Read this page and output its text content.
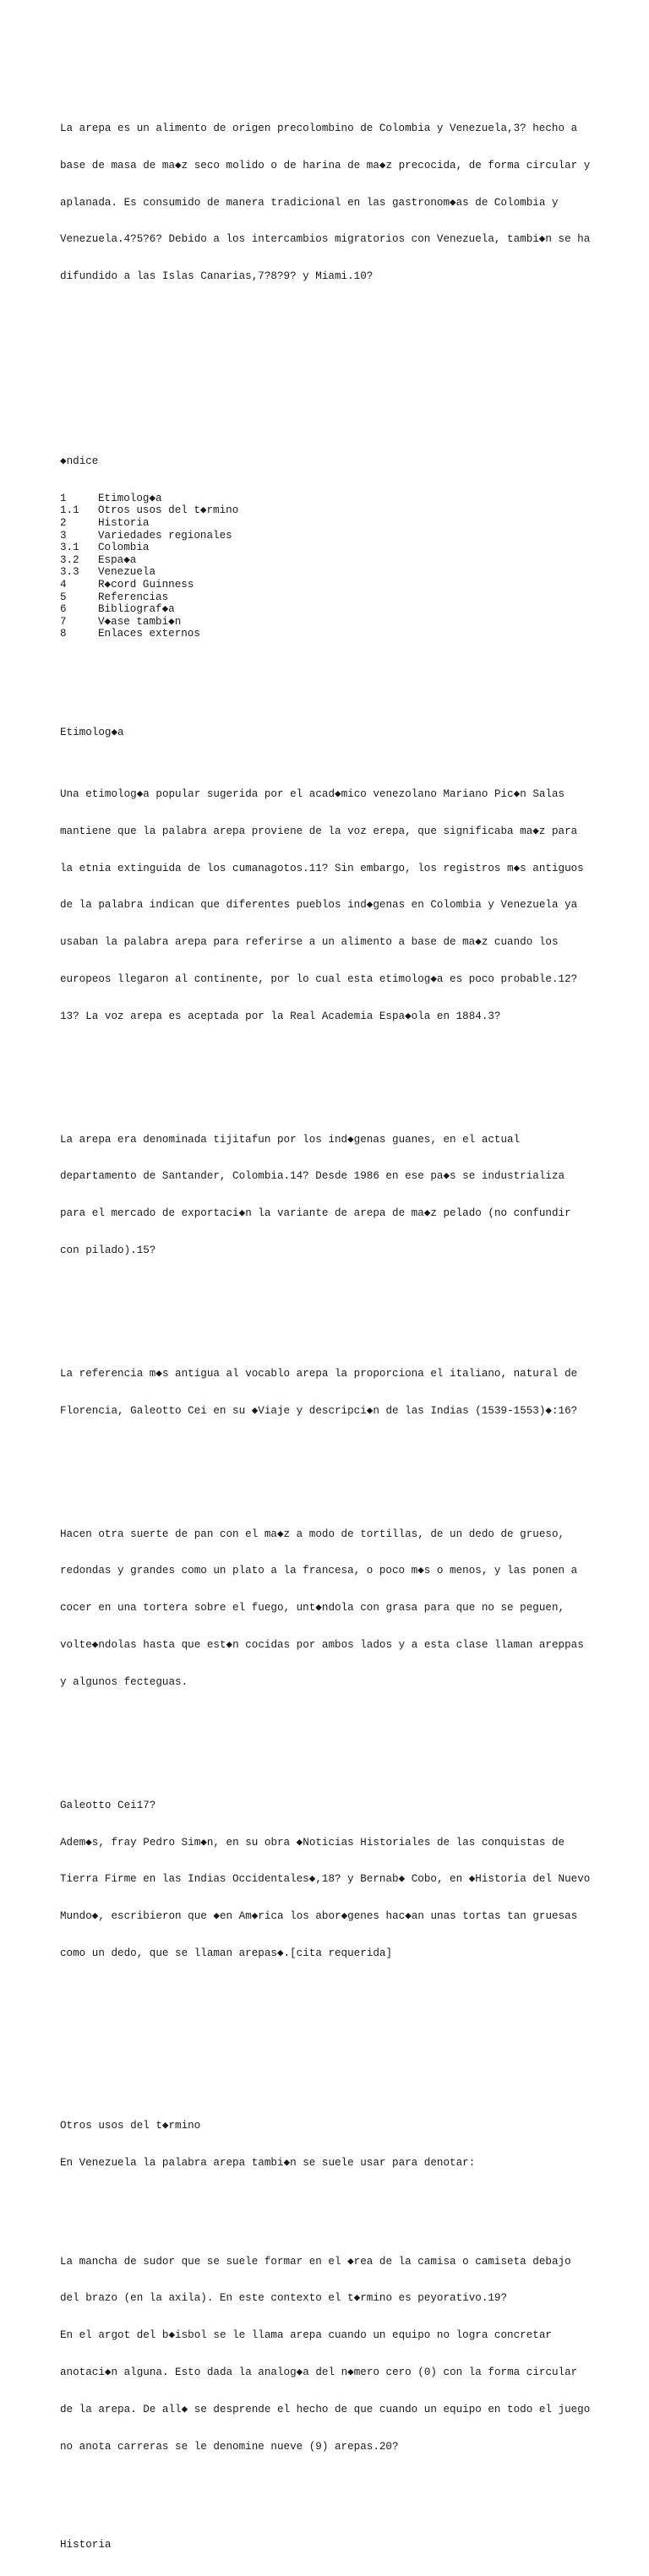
La arepa es un alimento de origen precolombino de Colombia y Venezuela,3? hecho a

base de masa de ma◆z seco molido o de harina de ma◆z precocida, de forma circular y

aplanada. Es consumido de manera tradicional en las gastronom◆as de Colombia y

Venezuela.4?5?6? Debido a los intercambios migratorios con Venezuela, tambi◆n se ha

difundido a las Islas Canarias,7?8?9? y Miami.10?

◆ndice

1	Etimolog◆a
1.1 Otros usos del t◆rmino
2	Historia
3	Variedades regionales
3.1 Colombia
3.2 Espa◆a
3.3 Venezuela
4	R◆cord Guinness
5	Referencias
6	Bibliograf◆a
7	V◆ase tambi◆n
8	Enlaces externos

Etimolog◆a

Una etimolog◆a popular sugerida por el acad◆mico venezolano Mariano Pic◆n Salas

mantiene que la palabra arepa proviene de la voz erepa, que significaba ma◆z para

la etnia extinguida de los cumanagotos.11? Sin embargo, los registros m◆s antiguos

de la palabra indican que diferentes pueblos ind◆genas en Colombia y Venezuela ya

usaban la palabra arepa para referirse a un alimento a base de ma◆z cuando los

europeos llegaron al continente, por lo cual esta etimolog◆a es poco probable.12?

13? La voz arepa es aceptada por la Real Academia Espa◆ola en 1884.3?

La arepa era denominada tijitafun por los ind◆genas guanes, en el actual

departamento de Santander, Colombia.14? Desde 1986 en ese pa◆s se industrializa

para el mercado de exportaci◆n la variante de arepa de ma◆z pelado (no confundir

con pilado).15?

La referencia m◆s antigua al vocablo arepa la proporciona el italiano, natural de

Florencia, Galeotto Cei en su ◆Viaje y descripci◆n de las Indias (1539-1553)◆:16?

Hacen otra suerte de pan con el ma◆z a modo de tortillas, de un dedo de grueso,

redondas y grandes como un plato a la francesa, o poco m◆s o menos, y las ponen a

cocer en una tortera sobre el fuego, unt◆ndola con grasa para que no se peguen,

volte◆ndolas hasta que est◆n cocidas por ambos lados y a esta clase llaman areppas

y algunos fecteguas.

Galeotto Cei17?

Adem◆s, fray Pedro Sim◆n, en su obra ◆Noticias Historiales de las conquistas de

Tierra Firme en las Indias Occidentales◆,18? y Bernab◆ Cobo, en ◆Historia del Nuevo

Mundo◆, escribieron que ◆en Am◆rica los abor◆genes hac◆an unas tortas tan gruesas

como un dedo, que se llaman arepas◆.[cita requerida]

Otros usos del t◆rmino

En Venezuela la palabra arepa tambi◆n se suele usar para denotar:

La mancha de sudor que se suele formar en el ◆rea de la camisa o camiseta debajo

del brazo (en la axila). En este contexto el t◆rmino es peyorativo.19?

En el argot del b◆isbol se le llama arepa cuando un equipo no logra concretar

anotaci◆n alguna. Esto dada la analog◆a del n◆mero cero (0) con la forma circular

de la arepa. De all◆ se desprende el hecho de que cuando un equipo en todo el juego

no anota carreras se le denomine nueve (9) arepas.20?

Historia
